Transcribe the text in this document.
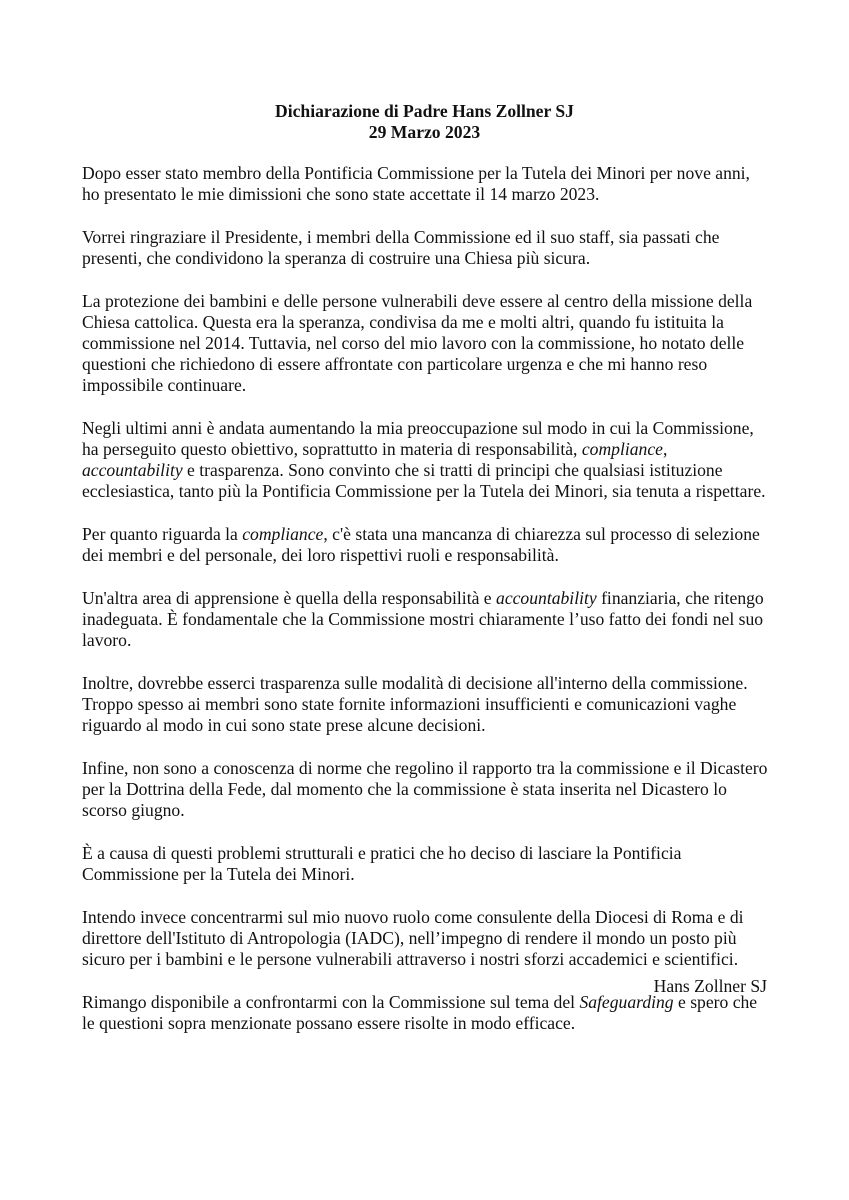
Dichiarazione di Padre Hans Zollner SJ
29 Marzo 2023

Dopo esser stato membro della Pontificia Commissione per la Tutela dei Minori per nove anni,
ho presentato le mie dimissioni che sono state accettate il 14 marzo 2023.

Vorrei ringraziare il Presidente, i membri della Commissione ed il suo staff, sia passati che
presenti, che condividono la speranza di costruire una Chiesa più sicura.

La protezione dei bambini e delle persone vulnerabili deve essere al centro della missione della
Chiesa cattolica. Questa era la speranza, condivisa da me e molti altri, quando fu istituita la
commissione nel 2014. Tuttavia, nel corso del mio lavoro con la commissione, ho notato delle
questioni che richiedono di essere affrontate con particolare urgenza e che mi hanno reso
impossibile continuare.

Negli ultimi anni è andata aumentando la mia preoccupazione sul modo in cui la Commissione,
ha perseguito questo obiettivo, soprattutto in materia di responsabilità, compliance,
accountability e trasparenza. Sono convinto che si tratti di principi che qualsiasi istituzione
ecclesiastica, tanto più la Pontificia Commissione per la Tutela dei Minori, sia tenuta a rispettare.

Per quanto riguarda la compliance, c'è stata una mancanza di chiarezza sul processo di selezione
dei membri e del personale, dei loro rispettivi ruoli e responsabilità.

Un'altra area di apprensione è quella della responsabilità e accountability finanziaria, che ritengo
inadeguata. È fondamentale che la Commissione mostri chiaramente l’uso fatto dei fondi nel suo
lavoro.

Inoltre, dovrebbe esserci trasparenza sulle modalità di decisione all'interno della commissione.
Troppo spesso ai membri sono state fornite informazioni insufficienti e comunicazioni vaghe
riguardo al modo in cui sono state prese alcune decisioni.

Infine, non sono a conoscenza di norme che regolino il rapporto tra la commissione e il Dicastero
per la Dottrina della Fede, dal momento che la commissione è stata inserita nel Dicastero lo
scorso giugno.

È a causa di questi problemi strutturali e pratici che ho deciso di lasciare la Pontificia
Commissione per la Tutela dei Minori.

Intendo invece concentrarmi sul mio nuovo ruolo come consulente della Diocesi di Roma e di
direttore dell'Istituto di Antropologia (IADC), nell’impegno di rendere il mondo un posto più
sicuro per i bambini e le persone vulnerabili attraverso i nostri sforzi accademici e scientifici.

Rimango disponibile a confrontarmi con la Commissione sul tema del Safeguarding e spero che
le questioni sopra menzionate possano essere risolte in modo efficace.

Hans Zollner SJ
